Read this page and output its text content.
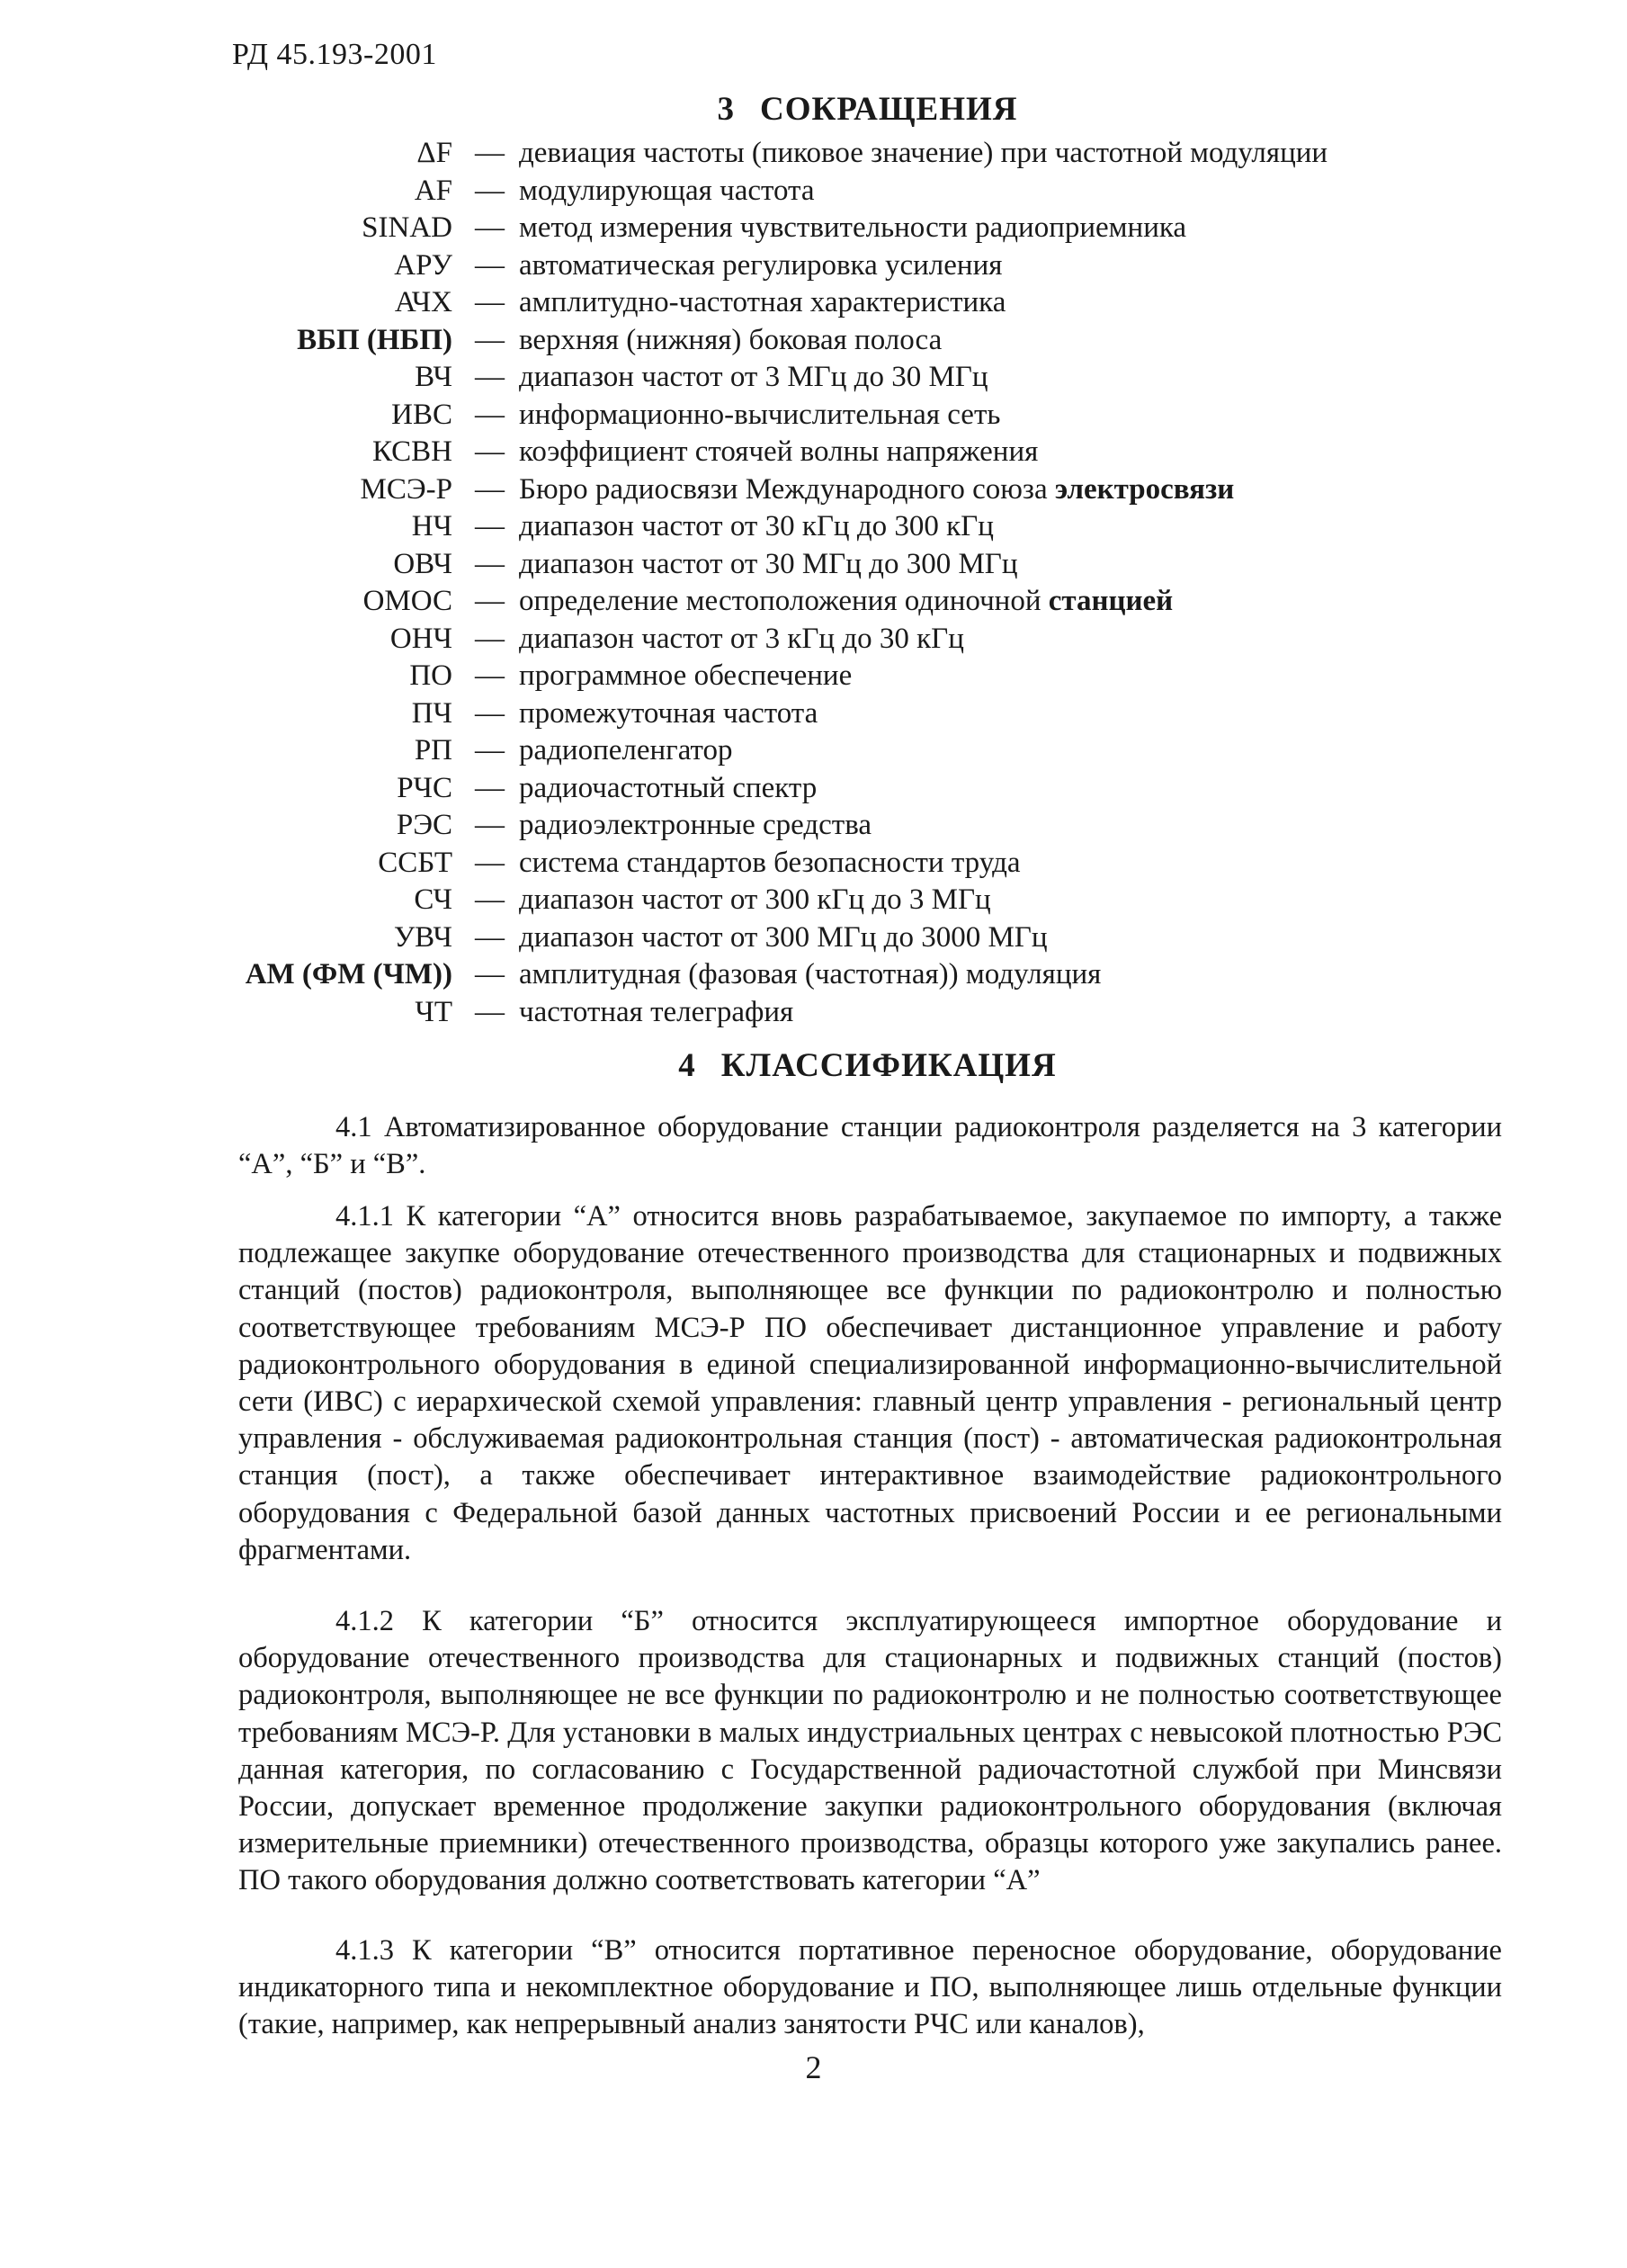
РД 45.193-2001
3 СОКРАЩЕНИЯ
ΔF — девиация частоты (пиковое значение) при частотной модуляции
AF — модулирующая частота
SINAD — метод измерения чувствительности радиоприемника
АРУ — автоматическая регулировка усиления
АЧХ — амплитудно-частотная характеристика
ВБП (НБП) — верхняя (нижняя) боковая полоса
ВЧ — диапазон частот от 3 МГц до 30 МГц
ИВС — информационно-вычислительная сеть
КСВН — коэффициент стоячей волны напряжения
МСЭ-Р — Бюро радиосвязи Международного союза электросвязи
НЧ — диапазон частот от 30 кГц до 300 кГц
ОВЧ — диапазон частот от 30 МГц до 300 МГц
ОМОС — определение местоположения одиночной станцией
ОНЧ — диапазон частот от 3 кГц до 30 кГц
ПО — программное обеспечение
ПЧ — промежуточная частота
РП — радиопеленгатор
РЧС — радиочастотный спектр
РЭС — радиоэлектронные средства
ССБТ — система стандартов безопасности труда
СЧ — диапазон частот от 300 кГц до 3 МГц
УВЧ — диапазон частот от 300 МГц до 3000 МГц
АМ (ФМ (ЧМ)) — амплитудная (фазовая (частотная)) модуляция
ЧТ — частотная телеграфия
4 КЛАССИФИКАЦИЯ

4.1 Автоматизированное оборудование станции радиоконтроля разделяется на 3 категории “А”, “Б” и “В”.

4.1.1 К категории “А” относится вновь разрабатываемое, закупаемое по импорту, а также подлежащее закупке оборудование отечественного производства для стационарных и подвижных станций (постов) радиоконтроля, выполняющее все функции по радиоконтролю и полностью соответствующее требованиям МСЭ-Р ПО обеспечивает дистанционное управление и работу радиоконтрольного оборудования в единой специализированной информационно-вычислительной сети (ИВС) с иерархической схемой управления: главный центр управления - региональный центр управления - обслуживаемая радиоконтрольная станция (пост) - автоматическая радиоконтрольная станция (пост), а также обеспечивает интерактивное взаимодействие радиоконтрольного оборудования с Федеральной базой данных частотных присвоений России и ее региональными фрагментами.

4.1.2 К категории “Б” относится эксплуатирующееся импортное оборудование и оборудование отечественного производства для стационарных и подвижных станций (постов) радиоконтроля, выполняющее не все функции по радиоконтролю и не полностью соответствующее требованиям МСЭ-Р. Для установки в малых индустриальных центрах с невысокой плотностью РЭС данная категория, по согласованию с Государственной радиочастотной службой при Минсвязи России, допускает временное продолжение закупки радиоконтрольного оборудования (включая измерительные приемники) отечественного производства, образцы которого уже закупались ранее. ПО такого оборудования должно соответствовать категории “А”

4.1.3 К категории “В” относится портативное переносное оборудование, оборудование индикаторного типа и некомплектное оборудование и ПО, выполняющее лишь отдельные функции (такие, например, как непрерывный анализ занятости РЧС или каналов),

2
